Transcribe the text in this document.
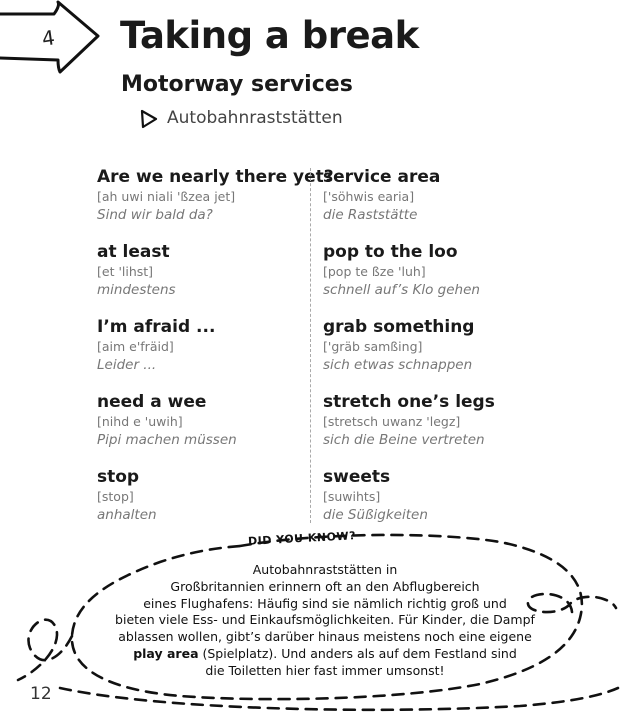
4 Taking a break
Motorway services
Autobahnraststätten
Are we nearly there yet?
[ah uwi niali 'ßzea jet]
Sind wir bald da?
at least
[et 'lihst]
mindestens
I’m afraid ...
[aim e'fräid]
Leider ...
need a wee
[nihd e 'uwih]
Pipi machen müssen
stop
[stop]
anhalten
service area
['söhwis earia]
die Raststätte
pop to the loo
[pop te ßze 'luh]
schnell auf’s Klo gehen
grab something
['gräb samßing]
sich etwas schnappen
stretch one’s legs
[stretsch uwanz 'legz]
sich die Beine vertreten
sweets
[suwihts]
die Süßigkeiten
DID YOU KNOW?
Autobahnraststätten in
Großbritannien erinnern oft an den Abflugbereich
eines Flughafens: Häufig sind sie nämlich richtig groß und
bieten viele Ess- und Einkaufsmöglichkeiten. Für Kinder, die Dampf
ablassen wollen, gibt’s darüber hinaus meistens noch eine eigene
play area (Spielplatz). Und anders als auf dem Festland sind
die Toiletten hier fast immer umsonst!
12
